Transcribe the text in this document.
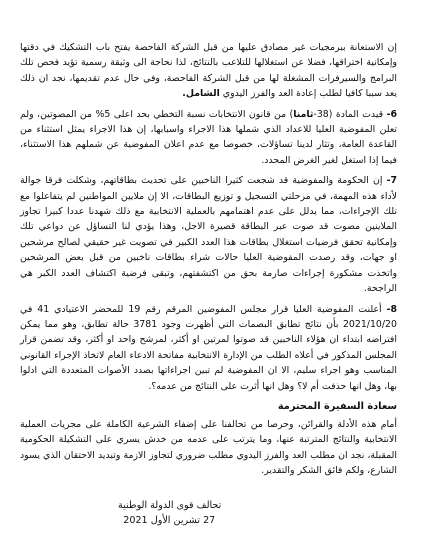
إن الاستعانة ببرمجيات غير مصادق عليها من قبل الشركة الفاحصة يفتح باب التشكيك في دقتها وإمكانية اختراقها، فضلا عن استغلالها للتلاعب بالنتائج، لذا نحاجة الى وثيقة رسمية تؤيد فحص تلك البرامج والسيرفرات المشغلة لها من قبل الشركة الفاحصة، وفي حال عدم تقديمها، نجد ان ذلك يعد سببا كافيا لطلب إعادة العد والفرز اليدوي الشامل.

6- قيدت المادة (38-ثامنا) من قانون الانتخابات نسبة التخطي بحد اعلى 5% من المصوتين، ولم تعلن المفوضية العليا للاعداد الذي شملها هذا الاجراء واسبابها، إن هذا الاجراء يمثل استثناء من القاعدة العامة، وتثار لدينا تساؤلات، خصوصا مع عدم اعلان المفوضية عن شملهم هذا الاستثناء، فيما إذا استغل لغير الغرض المحدد.

7- إن الحكومة والمفوضية قد شجعت كثيرا الناخبين على تحديث بطاقاتهم، وشكلت فرقا جوالة لأداء هذه المهمة، في مرحلتي التسجيل و توزيع البطاقات، الا إن ملايين المواطنين لم يتفاعلوا مع تلك الإجراءات، مما يدلل على عدم اهتمامهم بالعملية الانتخابية مع ذلك شهدنا عددا كبيرا تجاوز الملاينين مصوت قد صوت عبر البطاقة قصيرة الاجل، وهذا يؤدي لنا التساؤل عن دواعي تلك وإمكانية تحقق فرضيات استغلال بطاقات هذا العدد الكبير في تصويت غير حقيقي لصالح مرشحين او جهات، وقد رصدت المفوضية العليا حالات شراء بطاقات ناخبين من قبل بعض المرشحين واتخذت مشكورة إجراءات صارمة بحق من اكتشفتهم، وتبقى فرضية اكتشاف العدد الكبر هي الراجحة.

8- أعلنت المفوضية العليا قرار مجلس المفوضين المرقم رقم 19 للمحضر الاعتيادي 41 في 2021/10/20 بأن نتائج تطابق البصمات التي أظهرت وجود 3781 حالة تطابق، وهو مما يمكن افتراضه ابتداء ان هؤلاء الناخبين قد صوتوا لمرتين او أكثر، لمرشح واحد او أكثر، وقد تضمن قرار المجلس المذكور في أعلاه الطلب من الإدارة الانتخابية مفاتحة الادعاء العام لاتخاذ الإجراء القانوني المناسب وهو اجراء سليم، الا ان المفوضية لم تبين اجراءاتها بصدد الأصوات المتعددة التي ادلوا بها، وهل انها حذفت أم لا؟ وهل انها أثرت على النتائج من عدمه؟.

سعادة السفيرة المحترمة

أمام هذه الأدلة والقرائن، وحرصا من تحالفنا على إضفاء الشرعية الكاملة على مجريات العملية الانتخابية والنتائج المترتبة عنها، وما يترتب على عدمه من خدش يسري على التشكيلة الحكومية المقبلة، نجد ان مطلب العد والفرز اليدوي مطلب ضروري لتجاوز الازمة وتبديد الاحتقان الذي يسود الشارع، ولكم فائق الشكر والتقدير.

تحالف قوى الدولة الوطنية
27 تشرين الأول 2021
